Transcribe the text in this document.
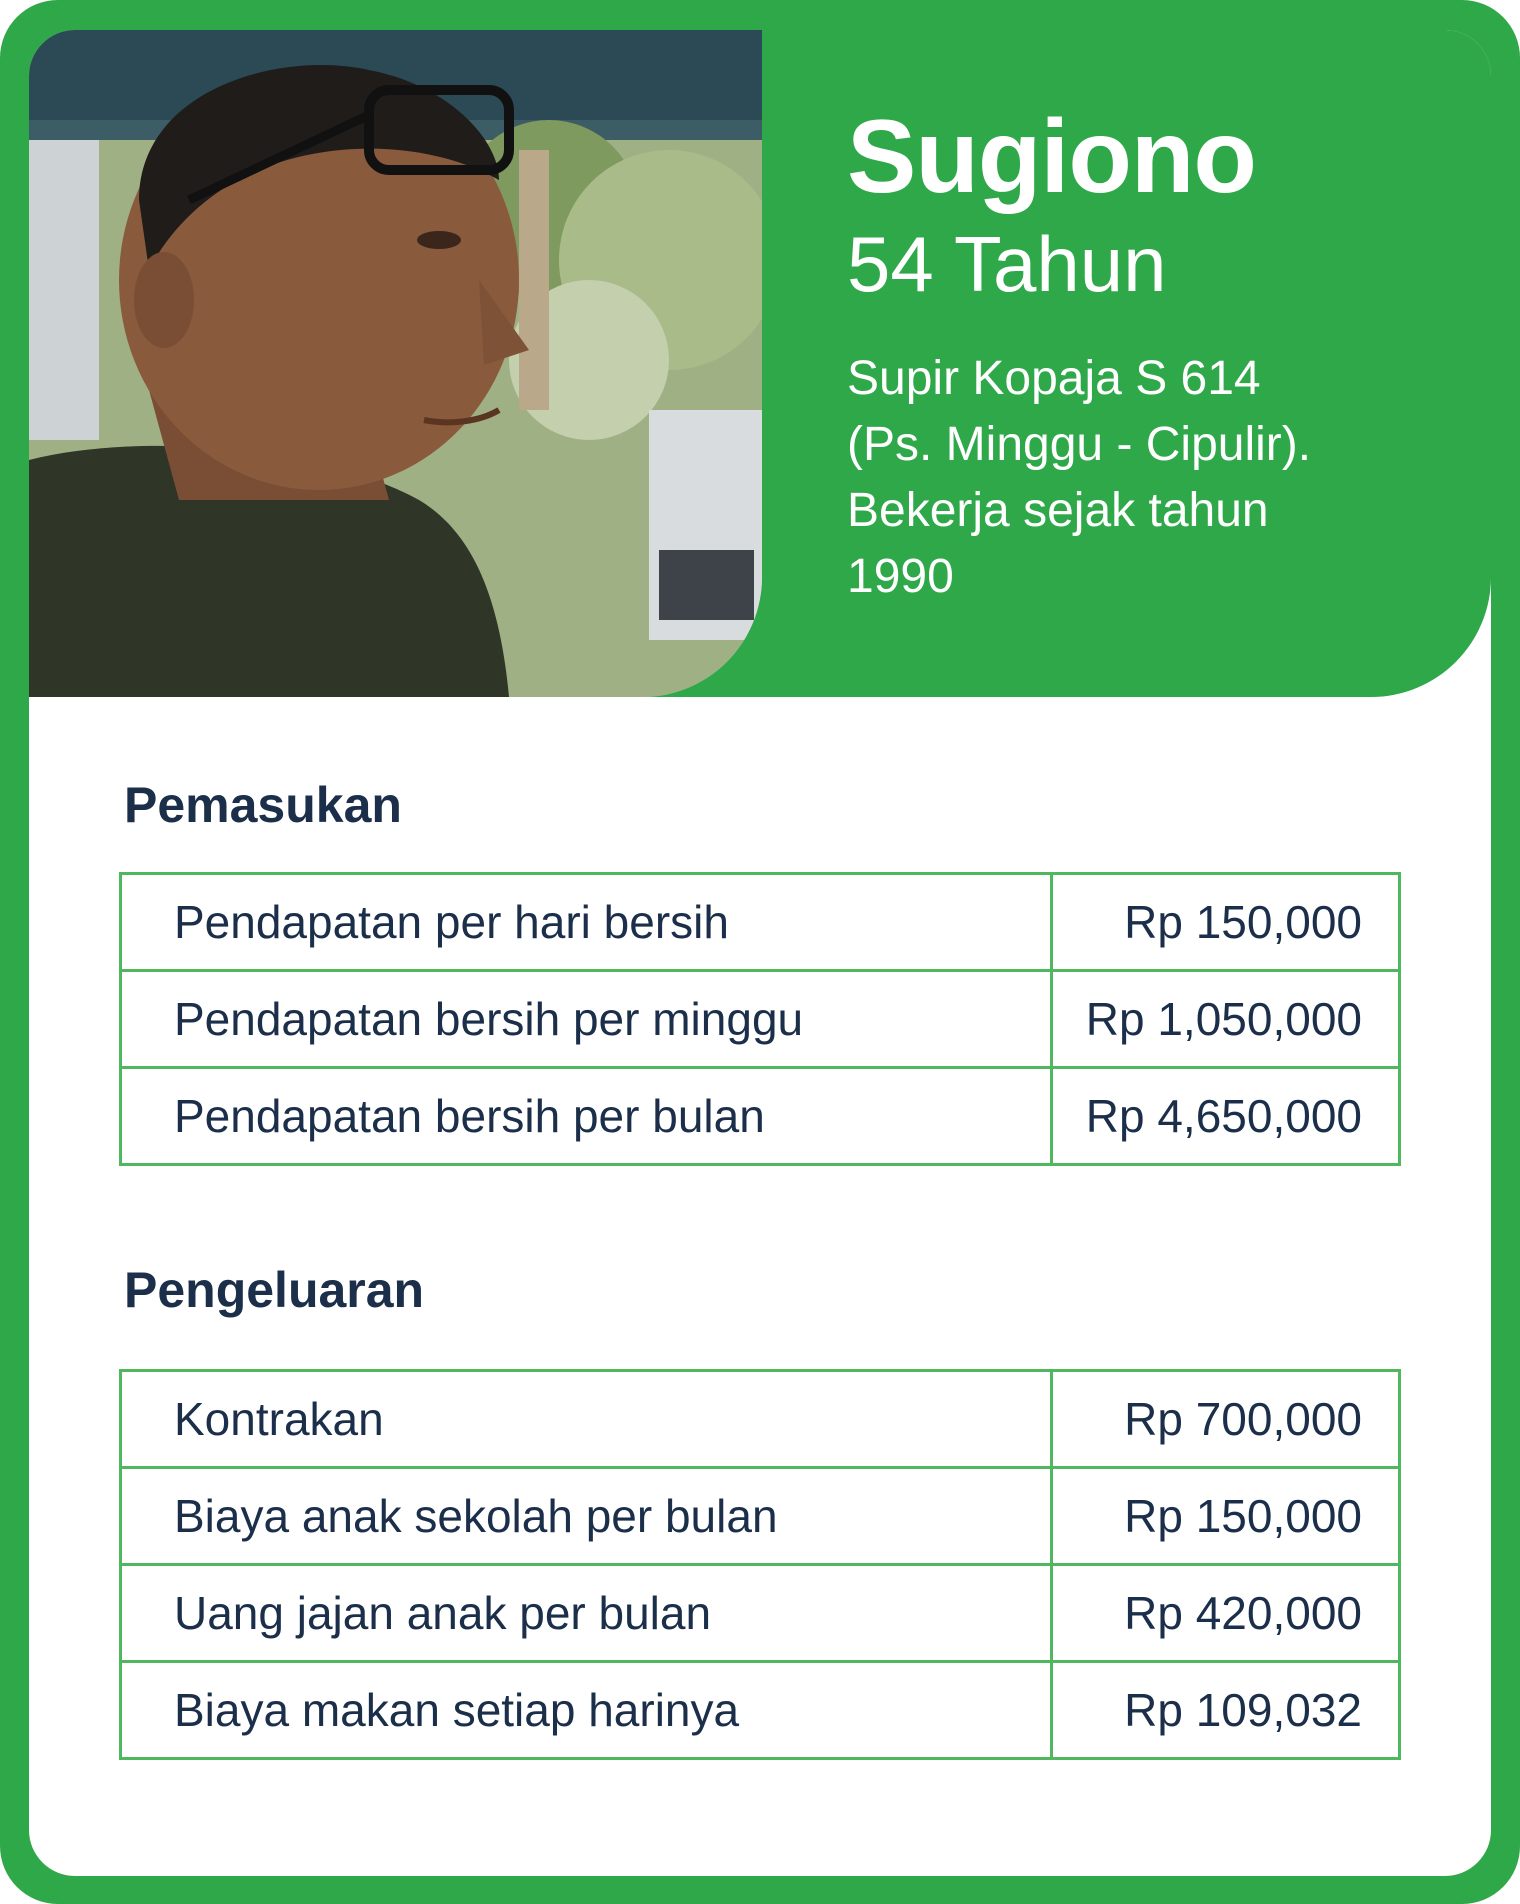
Sugiono

54 Tahun

Supir Kopaja S 614
(Ps. Minggu - Cipulir).
Bekerja sejak tahun
1990

Pemasukan
Pendapatan per hari bersih	Rp 150,000
Pendapatan bersih per minggu	Rp 1,050,000
Pendapatan bersih per bulan	Rp 4,650,000
Pengeluaran
Kontrakan	Rp 700,000
Biaya anak sekolah per bulan	Rp 150,000
Uang jajan anak per bulan	Rp 420,000
Biaya makan setiap harinya	Rp 109,032
